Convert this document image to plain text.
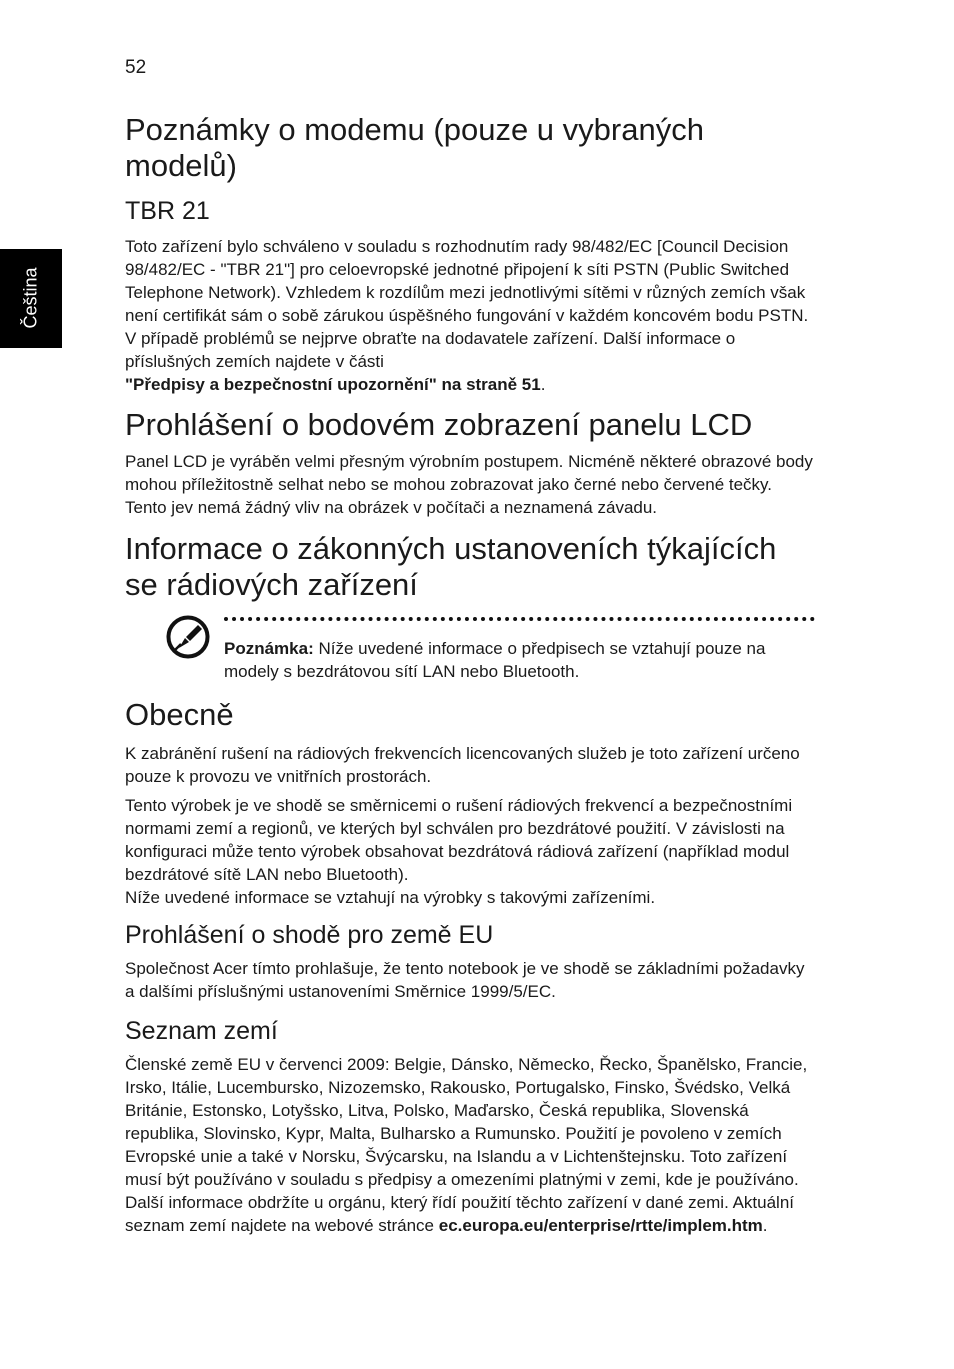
52
Čeština
Poznámky o modemu (pouze u vybraných modelů)
TBR 21

Toto zařízení bylo schváleno v souladu s rozhodnutím rady 98/482/EC [Council Decision 98/482/EC - "TBR 21"] pro celoevropské jednotné připojení k síti PSTN (Public Switched Telephone Network). Vzhledem k rozdílům mezi jednotlivými sítěmi v různých zemích však není certifikát sám o sobě zárukou úspěšného fungování v každém koncovém bodu PSTN. V případě problémů se nejprve obraťte na dodavatele zařízení. Další informace o příslušných zemích najdete v části
"Předpisy a bezpečnostní upozornění" na straně 51.

Prohlášení o bodovém zobrazení panelu LCD

Panel LCD je vyráběn velmi přesným výrobním postupem. Nicméně některé obrazové body mohou příležitostně selhat nebo se mohou zobrazovat jako černé nebo červené tečky. Tento jev nemá žádný vliv na obrázek v počítači a neznamená závadu.

Informace o zákonných ustanoveních týkajících se rádiových zařízení

Poznámka: Níže uvedené informace o předpisech se vztahují pouze na modely s bezdrátovou sítí LAN nebo Bluetooth.

Obecně

K zabránění rušení na rádiových frekvencích licencovaných služeb je toto zařízení určeno pouze k provozu ve vnitřních prostorách.

Tento výrobek je ve shodě se směrnicemi o rušení rádiových frekvencí a bezpečnostními normami zemí a regionů, ve kterých byl schválen pro bezdrátové použití. V závislosti na konfiguraci může tento výrobek obsahovat bezdrátová rádiová zařízení (například modul bezdrátové sítě LAN nebo Bluetooth).

Níže uvedené informace se vztahují na výrobky s takovými zařízeními.

Prohlášení o shodě pro země EU

Společnost Acer tímto prohlašuje, že tento notebook je ve shodě se základními požadavky a dalšími příslušnými ustanoveními Směrnice 1999/5/EC.

Seznam zemí

Členské země EU v červenci 2009: Belgie, Dánsko, Německo, Řecko, Španělsko, Francie, Irsko, Itálie, Lucembursko, Nizozemsko, Rakousko, Portugalsko, Finsko, Švédsko, Velká Británie, Estonsko, Lotyšsko, Litva, Polsko, Maďarsko, Česká republika, Slovenská republika, Slovinsko, Kypr, Malta, Bulharsko a Rumunsko. Použití je povoleno v zemích Evropské unie a také v Norsku, Švýcarsku, na Islandu a v Lichtenštejnsku. Toto zařízení musí být používáno v souladu s předpisy a omezeními platnými v zemi, kde je používáno. Další informace obdržíte u orgánu, který řídí použití těchto zařízení v dané zemi. Aktuální seznam zemí najdete na webové stránce ec.europa.eu/enterprise/rtte/implem.htm.
